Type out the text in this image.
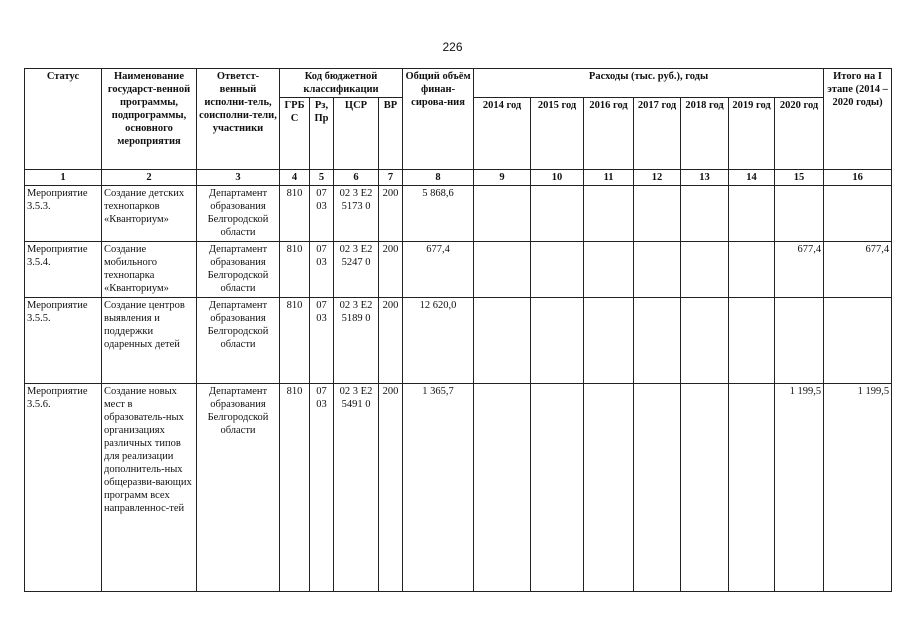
226
Статус	Наименование государст-венной программы, подпрограммы, основного мероприятия	Ответст-венный исполни-тель, соисполни-тели, участники	Код бюджетной классификации				Общий объём финан-сирова-ния	Расходы (тыс. руб.), годы							Итого на I этапе (2014 – 2020 годы)
			ГРБ С	Рз, Пр	ЦСР	ВР		2014 год	2015 год	2016 год	2017 год	2018 год	2019 год	2020 год	
1	2	3	4	5	6	7	8	9	10	11	12	13	14	15	16
Мероприятие 3.5.3.	Создание детских технопарков «Кванториум»	Департамент образования Белгородской области	810	07 03	02 3 Е2 5173 0	200	5 868,6								
Мероприятие 3.5.4.	Создание мобильного технопарка «Кванториум»	Департамент образования Белгородской области	810	07 03	02 3 Е2 5247 0	200	677,4							677,4	677,4
Мероприятие 3.5.5.	Создание центров выявления и поддержки одаренных детей	Департамент образования Белгородской области	810	07 03	02 3 Е2 5189 0	200	12 620,0								
Мероприятие 3.5.6.	Создание новых мест в образователь-ных организациях различных типов для реализации дополнитель-ных общеразви-вающих программ всех направленнос-тей	Департамент образования Белгородской области	810	07 03	02 3 Е2 5491 0	200	1 365,7							1 199,5	1 199,5
